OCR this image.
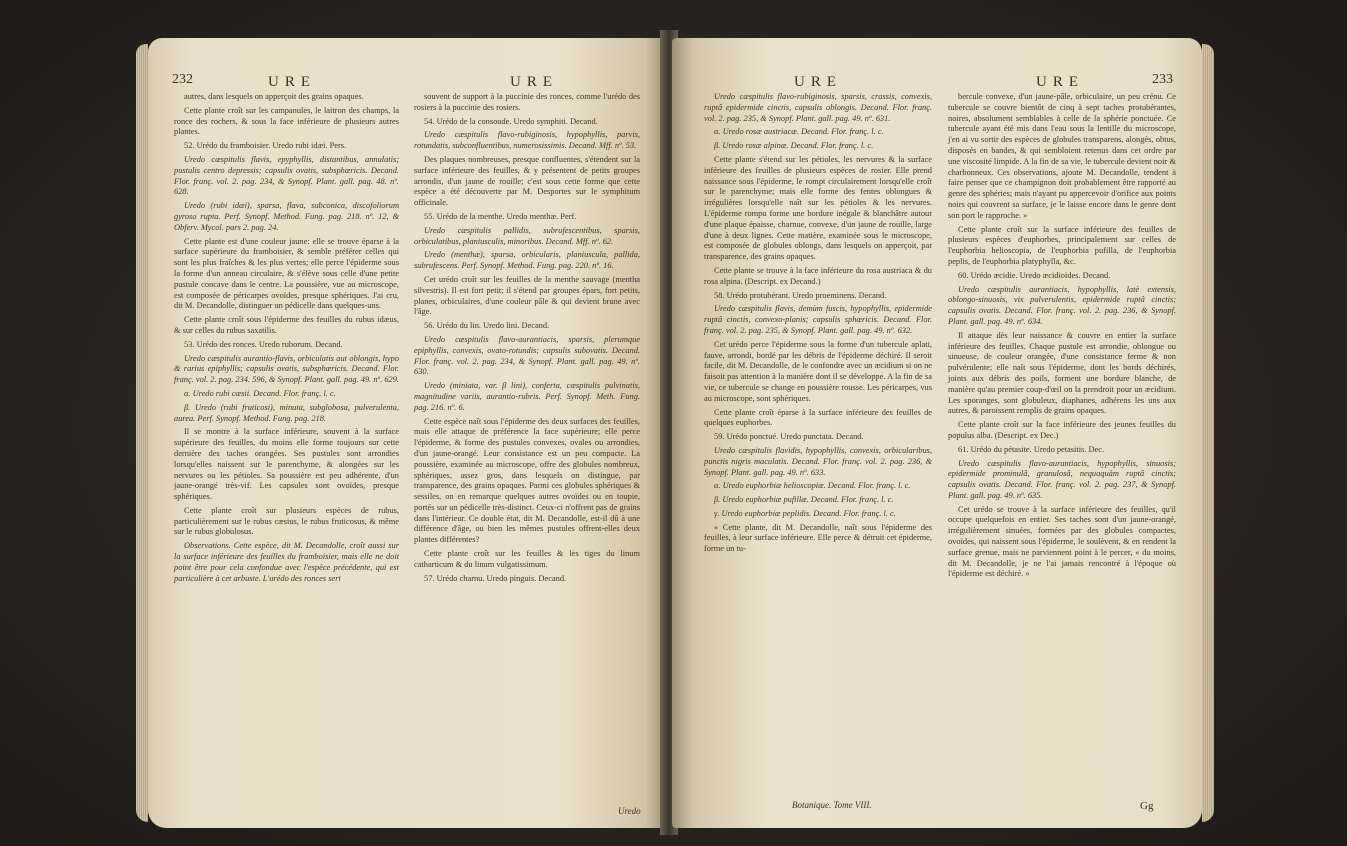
232	URE	URE

autres, dans lesquels on apperçoit des grains opaques.

Cette plante croît sur les campanules, le laitron des champs, la ronce des rochers, & sous la face inférieure de plusieurs autres plantes.

52. Urédo du framboisier. Uredo rubi idæi. Pers.

Uredo cæspitulis flavis, epyphyllis, distantibus, annulatis; pustulis centro depressis; capsulis ovatis, subsphæricis. Decand. Flor. franç. vol. 2. pag. 234, & Synopf. Plant. gall. pag. 48. nº. 628.

Uredo (rubi idæi), sparsa, flava, subconica, discofoliorum gyroso rupta. Perf. Synopf. Method. Fung. pag. 218. nº. 12, & Obferv. Mycol. pars 2. pag. 24.

Cette plante est d'une couleur jaune: elle se trouve éparse à la surface supérieure du framboisier, & semble préférer celles qui sont les plus fraîches & les plus vertes; elle perce l'épiderme sous la forme d'un anneau circulaire, & s'élève sous celle d'une petite pustule concave dans le centre. La poussière, vue au microscope, est composée de péricarpes ovoïdes, presque sphériques. J'ai cru, dit M. Decandolle, distinguer un pédicelle dans quelques-uns.

Cette plante croît sous l'épiderme des feuilles du rubus idæus, & sur celles du rubus saxatilis.

53. Urédo des ronces. Uredo ruborum. Decand.

Uredo cæspitulis aurantio-flavis, orbiculatis aut oblongis, hypo & rarius epiphyllis; capsulis ovatis, subsphæricis. Decand. Flor. franç. vol. 2. pag. 234. 596, & Synopf. Plant. gall. pag. 49. nº. 629.

α. Uredo rubi cæsii. Decand. Flor. franç. l. c.

β. Uredo (rubi fruticosi), minuta, subglobosa, pulverulenta, aurea. Perf. Synopf. Method. Fung. pag. 218.

Il se montre à la surface inférieure, souvent à la surface supérieure des feuilles, du moins elle forme toujours sur cette dernière des taches orangées. Ses pustules sont arrondies lorsqu'elles naissent sur le parenchyme, & alongées sur les nervures ou les pétioles. Sa poussière est peu adhérente, d'un jaune-orangé très-vif. Les capsules sont ovoïdes, presque sphériques.

Cette plante croît sur plusieurs espèces de rubus, particulièrement sur le rubus cæsius, le rubus fruticosus, & même sur le rubus globulosus.

Observations. Cette espèce, dit M. Decandolle, croît aussi sur la surface inférieure des feuilles du framboisier, mais elle ne doit point être pour cela confondue avec l'espèce précédente, qui est particulière à cet arbuste. L'urédo des ronces sert

souvent de support à la puccinie des ronces, comme l'urédo des rosiers à la puccinie des rosiers.

54. Urédo de la consoude. Uredo symphiti. Decand.

Uredo cæspitulis flavo-rubiginosis, hypophyllis, parvis, rotundatis, subconfluentibus, numerosissimis. Decand. Mff. nº. 53.

Des plaques nombreuses, presque confluentes, s'étendent sur la surface inférieure des feuilles, & y présentent de petits groupes arrondis, d'un jaune de rouille; c'est sous cette forme que cette espèce a été découverte par M. Desportes sur le symphitum officinale.

55. Urédo de la menthe. Uredo menthæ. Perf.

Uredo cæspitulis pallidis, subrufescentibus, sparsis, orbiculatibus, planiusculis, minoribus. Decand. Mff. nº. 62.

Uredo (menthæ), sparsa, orbicularis, planiuscula, pallida, subrufescens. Perf. Synopf. Method. Fung. pag. 220. nº. 16.

Cet urédo croît sur les feuilles de la menthe sauvage (mentha silvestris). Il est fort petit; il s'étend par groupes épars, fort petits, planes, orbiculaires, d'une couleur pâle & qui devient brune avec l'âge.

56. Urédo du lin. Uredo lini. Decand.

Uredo cæspitulis flavo-aurantiacis, sparsis, plerumque epiphyllis, convexis, ovato-rotundis; capsulis subovatis. Decand. Flor. franç. vol. 2. pag. 234, & Synopf. Plant. gall. pag. 49. nº. 630.

Uredo (miniata, var. β lini), conferta, cæspitulis pulvinatis, magnitudine variis, aurantio-rubris. Perf. Synopf. Meth. Fung. pag. 216. nº. 6.

Cette espèce naît sous l'épiderme des deux surfaces des feuilles, mais elle attaque de préférence la face supérieure; elle perce l'épiderme, & forme des pustules convexes, ovales ou arrondies, d'un jaune-orangé. Leur consistance est un peu compacte. La poussière, examinée au microscope, offre des globules nombreux, sphériques, assez gros, dans lesquels on distingue, par transparence, des grains opaques. Parmi ces globules sphériques & sessiles, on en remarque quelques autres ovoïdes ou en toupie, portés sur un pédicelle très-distinct. Ceux-ci n'offrent pas de grains dans l'intérieur. Ce double état, dit M. Decandolle, est-il dû à une différence d'âge, ou bien les mêmes pustules offrent-elles deux plantes différentes?

Cette plante croît sur les feuilles & les tiges du linum catharticum & du linum vulgatissimum.

57. Urédo charnu. Uredo pinguis. Decand.

Uredo
URE	URE	233

Uredo cæspitulis flavo-rubiginosis, sparsis, crassis, convexis, ruptâ epidermide cinctis, capsulis oblongis. Decand. Flor. franç. vol. 2. pag. 235, & Synopf. Plant. gall. pag. 49. nº. 631.

α. Uredo rosæ austriacæ. Decand. Flor. franç. l. c.

β. Uredo rosæ alpinæ. Decand. Flor. franç. l. c.

Cette plante s'étend sur les pétioles, les nervures & la surface inférieure des feuilles de plusieurs espèces de rosier. Elle prend naissance sous l'épiderme, le rompt circulairement lorsqu'elle croît sur le parenchyme; mais elle forme des fentes oblongues & irrégulières lorsqu'elle naît sur les pétioles & les nervures. L'épiderme rompu forme une bordure inégale & blanchâtre autour d'une plaque épaisse, charnue, convexe, d'un jaune de rouille, large d'une à deux lignes. Cette matière, examinée sous le microscope, est composée de globules oblongs, dans lesquels on apperçoit, par transparence, des grains opaques.

Cette plante se trouve à la face inférieure du rosa austriaca & du rosa alpina. (Descript. ex Decand.)

58. Urédo protubérant. Uredo proeminens. Decand.

Uredo cæspitulis flavis, demùm fuscis, hypophyllis, epidermide ruptâ cinctis, convexo-planis; capsulis sphæricis. Decand. Flor. franç. vol. 2. pag. 235, & Synopf. Plant. gall. pag. 49. nº. 632.

Cet urédo perce l'épiderme sous la forme d'un tubercule aplati, fauve, arrondi, bordé par les débris de l'épiderme déchiré. Il seroit facile, dit M. Decandolle, de le confondre avec un æcidium si on ne faisoit pas attention à la manière dont il se développe. A la fin de sa vie, ce tubercule se change en poussière rousse. Les péricarpes, vus au microscope, sont sphériques.

Cette plante croît éparse à la surface inférieure des feuilles de quelques euphorbes.

59. Urédo ponctué. Uredo punctata. Decand.

Uredo cæspitulis flavidis, hypophyllis, convexis, orbicularibus, punctis nigris maculatis. Decand. Flor. franç. vol. 2. pag. 236, & Synopf. Plant. gall. pag. 49. nº. 633.

α. Uredo euphorbiæ helioscopiæ. Decand. Flor. franç. l. c.

β. Uredo euphorbiæ pufillæ. Decand. Flor. franç. l. c.

γ. Uredo euphorbiæ peplidis. Decand. Flor. franç. l. c.

« Cette plante, dit M. Decandolle, naît sous l'épiderme des feuilles, à leur surface inférieure. Elle perce & détruit cet épiderme, forme un tu-

bercule convexe, d'un jaune-pâle, orbiculaire, un peu crénu. Ce tubercule se couvre bientôt de cinq à sept taches protubérantes, noires, absolument semblables à celle de la sphérie ponctuée. Ce tubercule ayant été mis dans l'eau sous la lentille du microscope, j'en ai vu sortir des espèces de globules transparens, alongés, obtus, disposés en bandes, & qui sembloient retenus dans cet ordre par une viscosité limpide. A la fin de sa vie, le tubercule devient noir & charbonneux. Ces observations, ajoute M. Decandolle, tendent à faire penser que ce champignon doit probablement être rapporté au genre des sphéries; mais n'ayant pu appercevoir d'orifice aux points noirs qui couvrent sa surface, je le laisse encore dans le genre dont son port le rapproche. »

Cette plante croît sur la surface inférieure des feuilles de plusieurs espèces d'euphorbes, principalement sur celles de l'euphorbia helioscopia, de l'euphorbia pufilla, de l'euphorbia peplis, de l'euphorbia platyphylla, &c.

60. Urédo æcidie. Uredo æcidioides. Decand.

Uredo cæspitulis aurantiacis, hypophyllis, latè extensis, oblongo-sinuosis, vix pulverulentis, epidermide ruptâ cinctis; capsulis ovatis. Decand. Flor. franç. vol. 2. pag. 236, & Synopf. Plant. gall. pag. 49. nº. 634.

Il attaque dès leur naissance & couvre en entier la surface inférieure des feuilles. Chaque pustule est arrondie, oblongue ou sinueuse, de couleur orangée, d'une consistance ferme & non pulvérulente; elle naît sous l'épiderme, dont les bords déchirés, joints aux débris des poils, forment une bordure blanche, de manière qu'au premier coup-d'œil on la prendroit pour un æcidium. Les sporanges, sont globuleux, diaphanes, adhérens les uns aux autres, & paroissent remplis de grains opaques.

Cette plante croît sur la face inférieure des jeunes feuilles du populus alba. (Descript. ex Dec.)

61. Urédo du pétasite. Uredo petasitis. Dec.

Uredo cæspitulis flavo-aurantiacis, hypophyllis, sinuosis; epidermide prominulâ, granulosâ, nequaquàm ruptâ cinctis; capsulis ovatis. Decand. Flor. franç. vol. 2. pag. 237, & Synopf. Plant. gall. pag. 49. nº. 635.

Cet urédo se trouve à la surface inférieure des feuilles, qu'il occupe quelquefois en entier. Ses taches sont d'un jaune-orangé, irrégulièrement sinuées, formées par des globules compactes, ovoïdes, qui naissent sous l'épiderme, le soulèvent, & en rendent la surface grenue, mais ne parviennent point à le percer, « du moins, dit M. Decandolle, je ne l'ai jamais rencontré à l'époque où l'épiderme est déchiré. »

Botanique. Tome VIII.	Gg
